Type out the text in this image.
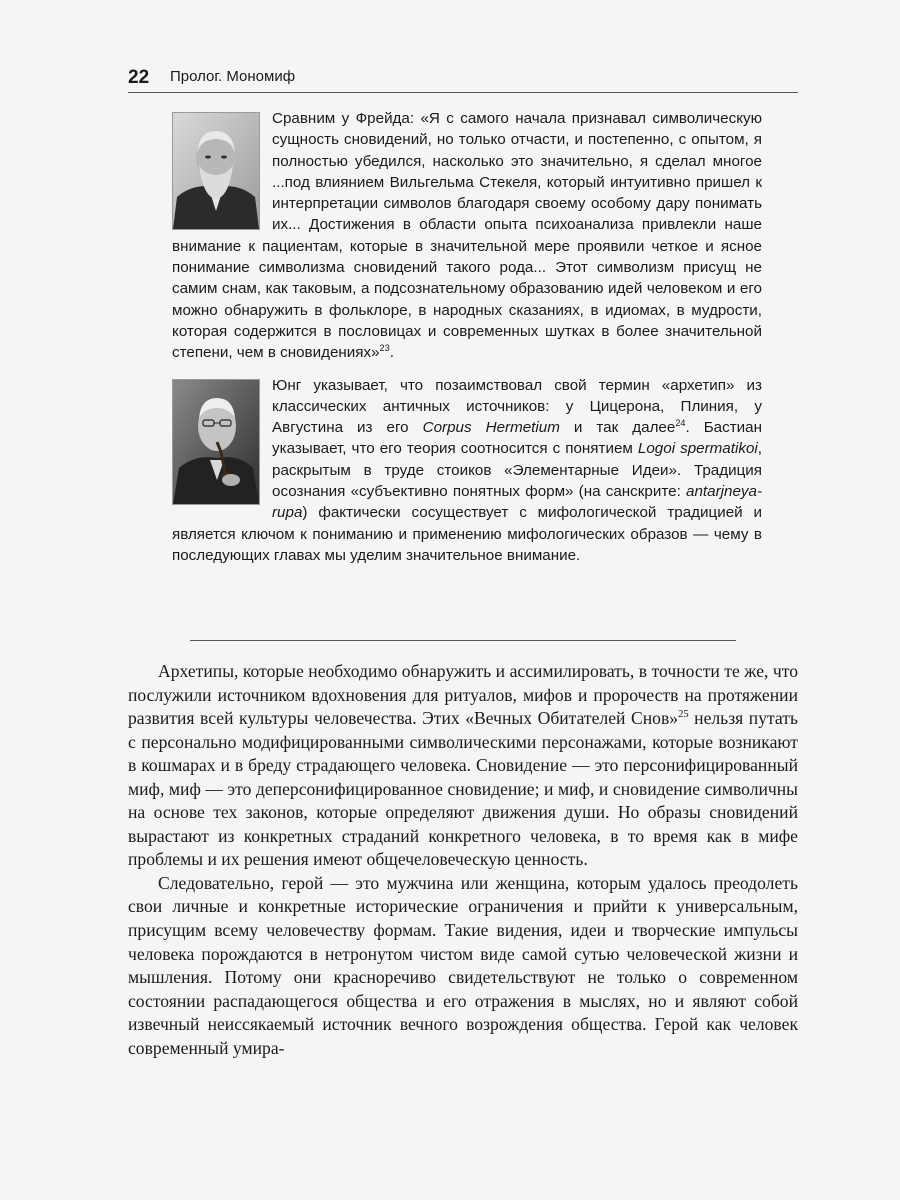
22 Пролог. Мономиф

Сравним у Фрейда: «Я с самого начала признавал символическую сущность сновидений, но только отчасти, и постепенно, с опытом, я полностью убедился, насколько это значительно, я сделал многое ...под влиянием Вильгельма Стекеля, который интуитивно пришел к интерпретации символов благодаря своему особому дару понимать их... Достижения в области опыта психоанализа привлекли наше внимание к пациентам, которые в значительной мере проявили четкое и ясное понимание символизма сновидений такого рода... Этот символизм присущ не самим снам, как таковым, а подсознательному образованию идей человеком и его можно обнаружить в фольклоре, в народных сказаниях, в идиомах, в мудрости, которая содержится в пословицах и современных шутках в более значительной степени, чем в сновидениях»$^{23}$.

Юнг указывает, что позаимствовал свой термин «архетип» из классических античных источников: у Цицерона, Плиния, у Августина из его Corpus Hermetium и так далее$^{24}$. Бастиан указывает, что его теория соотносится с понятием Logoi spermatikoi, раскрытым в труде стоиков «Элементарные Идеи». Традиция осознания «субъективно понятных форм» (на санскрите: antarjneya-rupa) фактически сосуществует с мифологической традицией и является ключом к пониманию и применению мифологических образов — чему в последующих главах мы уделим значительное внимание.

Архетипы, которые необходимо обнаружить и ассимилировать, в точности те же, что послужили источником вдохновения для ритуалов, мифов и пророчеств на протяжении развития всей культуры человечества. Этих «Вечных Обитателей Снов»$^{25}$ нельзя путать с персонально модифицированными символическими персонажами, которые возникают в кошмарах и в бреду страдающего человека. Сновидение — это персонифицированный миф, миф — это деперсонифицированное сновидение; и миф, и сновидение символичны на основе тех законов, которые определяют движения души. Но образы сновидений вырастают из конкретных страданий конкретного человека, в то время как в мифе проблемы и их решения имеют общечеловеческую ценность.

Следовательно, герой — это мужчина или женщина, которым удалось преодолеть свои личные и конкретные исторические ограничения и прийти к универсальным, присущим всему человечеству формам. Такие видения, идеи и творческие импульсы человека порождаются в нетронутом чистом виде самой сутью человеческой жизни и мышления. Потому они красноречиво свидетельствуют не только о современном состоянии распадающегося общества и его отражения в мыслях, но и являют собой извечный неиссякаемый источник вечного возрождения общества. Герой как человек современный умира-
